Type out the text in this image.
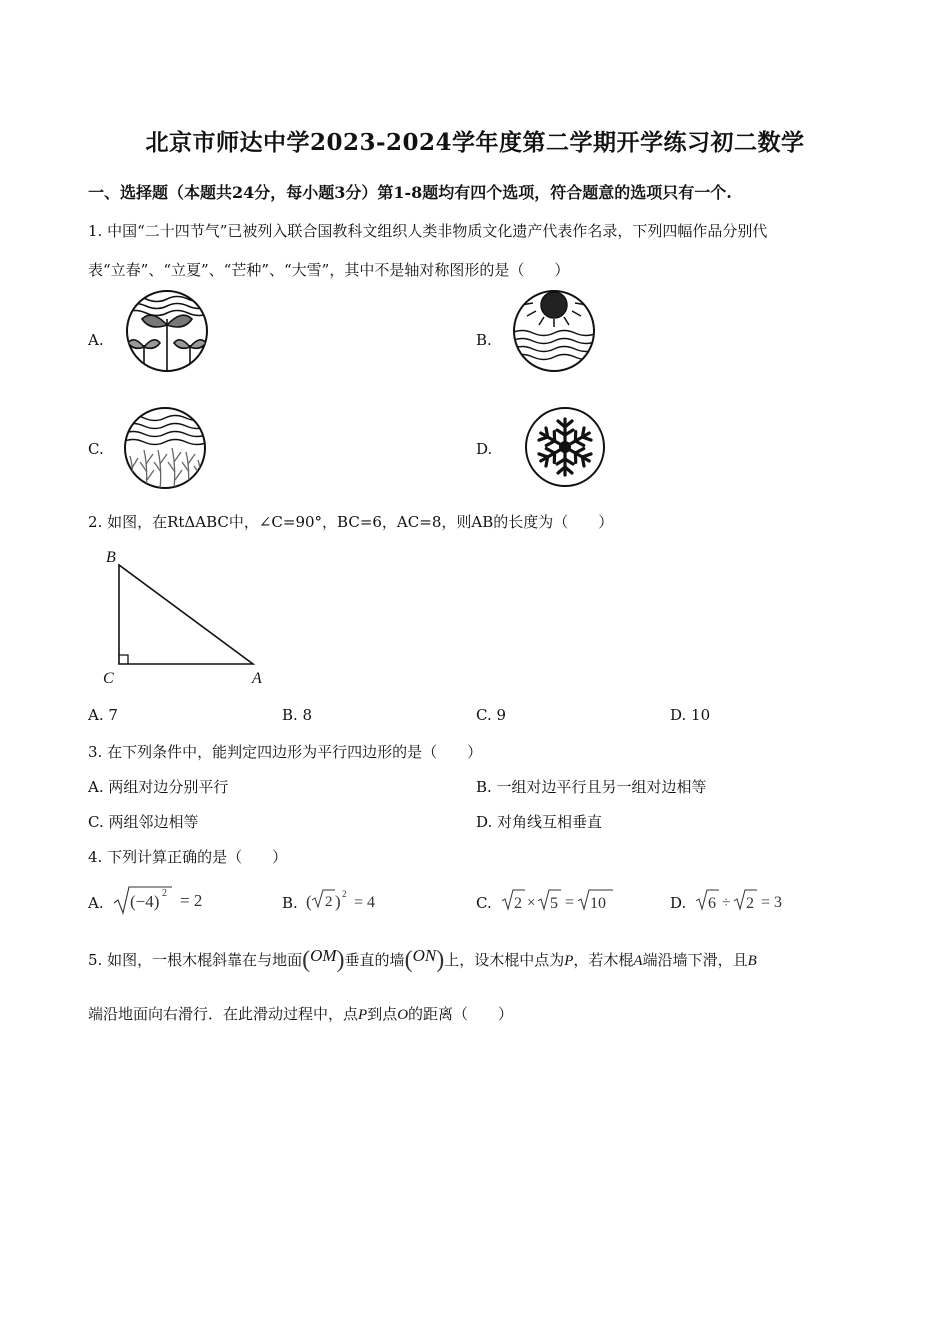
北京市师达中学2023-2024学年度第二学期开学练习初二数学
一、选择题（本题共24分，每小题3分）第1-8题均有四个选项，符合题意的选项只有一个.
1. 中国“二十四节气”已被列入联合国教科文组织人类非物质文化遗产代表作名录，下列四幅作品分别代
表“立春”、“立夏”、“芒种”、“大雪”，其中不是轴对称图形的是（　　）
A.	B.
C.	D.
2. 如图，在RtΔABC中，∠C=90°，BC=6，AC=8，则AB的长度为（　　）
B
C	A
A. 7	B. 8	C. 9	D. 10
3. 在下列条件中，能判定四边形为平行四边形的是（　　）
A. 两组对边分别平行	B. 一组对边平行且另一组对边相等
C. 两组邻边相等	D. 对角线互相垂直
4. 下列计算正确的是（　　）
A. (−4) 2 = 2	B. ( 2 ) 2 = 4	C. 2 × 5 = 10	D. 6 ÷ 2 = 3
5. 如图，一根木棍斜靠在与地面 ( OM ) 垂直的墙 ( ON ) 上，设木棍中点为 P ，若木棍 A 端沿墙下滑，且 B
端沿地面向右滑行．在此滑动过程中，点P到点O的距离（　　）
